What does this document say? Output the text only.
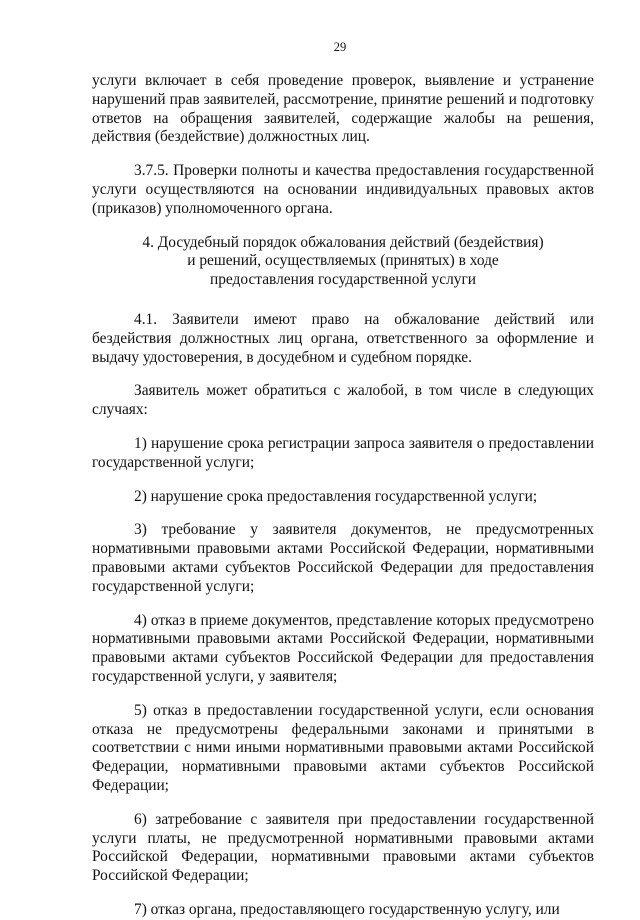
29

услуги включает в себя проведение проверок, выявление и устранение нарушений прав заявителей, рассмотрение, принятие решений и подготовку ответов на обращения заявителей, содержащие жалобы на решения, действия (бездействие) должностных лиц.

3.7.5. Проверки полноты и качества предоставления государственной услуги осуществляются на основании индивидуальных правовых актов (приказов) уполномоченного органа.

4. Досудебный порядок обжалования действий (бездействия)
и решений, осуществляемых (принятых) в ходе
предоставления государственной услуги

4.1. Заявители имеют право на обжалование действий или бездействия должностных лиц органа, ответственного за оформление и выдачу удостоверения, в досудебном и судебном порядке.

Заявитель может обратиться с жалобой, в том числе в следующих случаях:

1) нарушение срока регистрации запроса заявителя о предоставлении государственной услуги;

2) нарушение срока предоставления государственной услуги;

3) требование у заявителя документов, не предусмотренных нормативными правовыми актами Российской Федерации, нормативными правовыми актами субъектов Российской Федерации для предоставления государственной услуги;

4) отказ в приеме документов, представление которых предусмотрено нормативными правовыми актами Российской Федерации, нормативными правовыми актами субъектов Российской Федерации для предоставления государственной услуги, у заявителя;

5) отказ в предоставлении государственной услуги, если основания отказа не предусмотрены федеральными законами и принятыми в соответствии с ними иными нормативными правовыми актами Российской Федерации, нормативными правовыми актами субъектов Российской Федерации;

6) затребование с заявителя при предоставлении государственной услуги платы, не предусмотренной нормативными правовыми актами Российской Федерации, нормативными правовыми актами субъектов Российской Федерации;

7) отказ органа, предоставляющего государственную услугу, или
